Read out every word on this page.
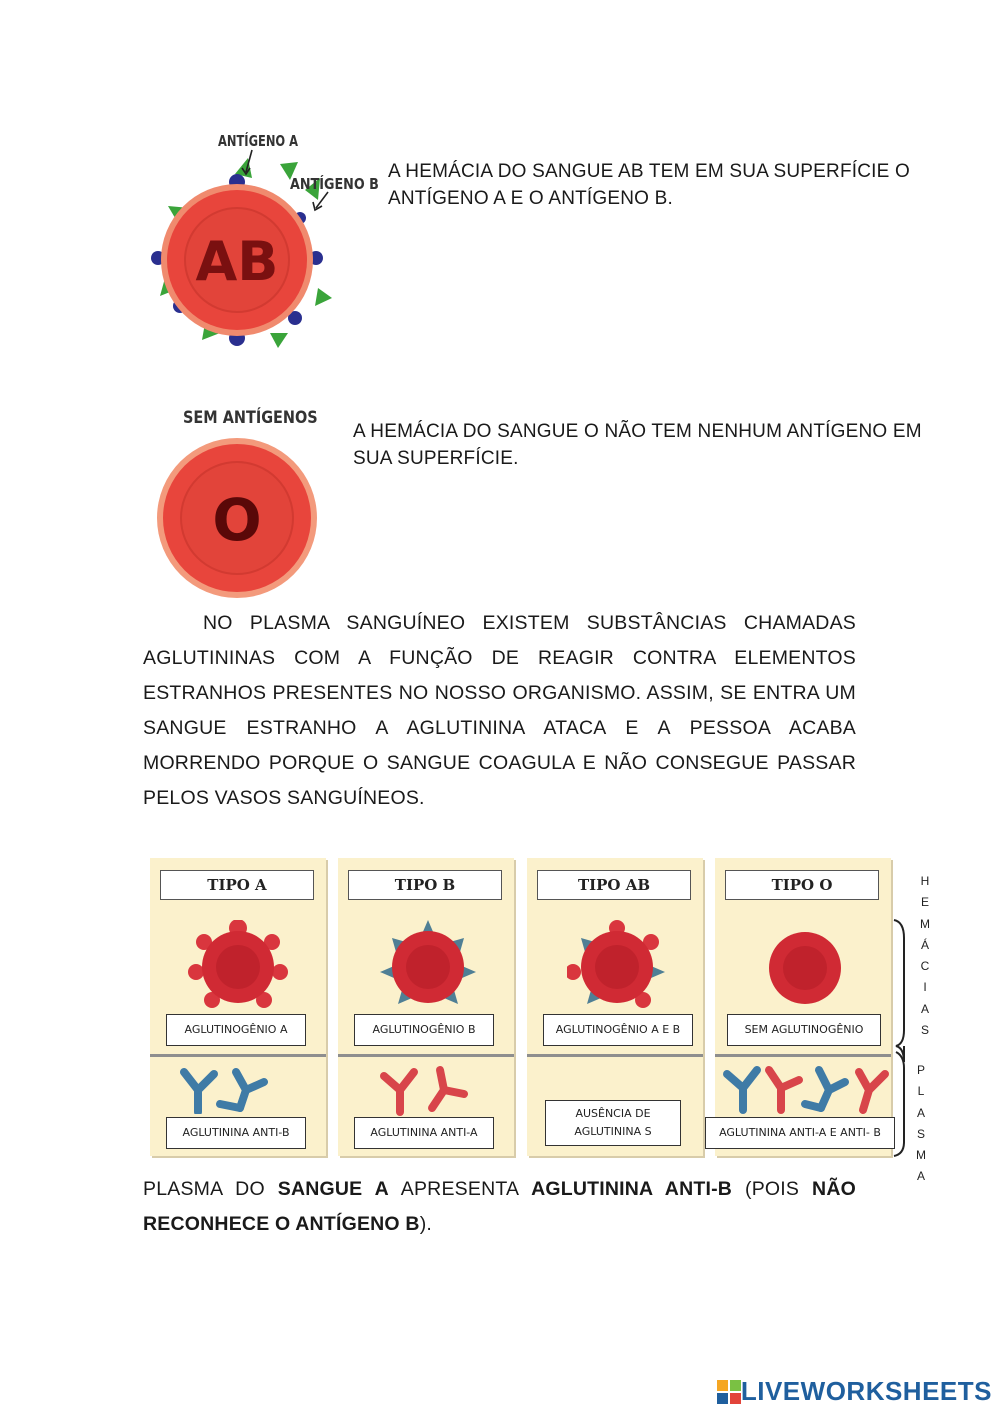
AB
ANTÍGENO A
ANTÍGENO B
A HEMÁCIA DO SANGUE AB TEM EM SUA SUPERFÍCIE O ANTÍGENO A E O ANTÍGENO B.
SEM ANTÍGENOS
O
A HEMÁCIA DO SANGUE O NÃO TEM NENHUM ANTÍGENO EM SUA SUPERFÍCIE.
NO PLASMA SANGUÍNEO EXISTEM SUBSTÂNCIAS CHAMADAS AGLUTININAS COM A FUNÇÃO DE REAGIR CONTRA ELEMENTOS ESTRANHOS PRESENTES NO NOSSO ORGANISMO. ASSIM, SE ENTRA UM SANGUE ESTRANHO A AGLUTININA ATACA E A PESSOA ACABA MORRENDO PORQUE O SANGUE COAGULA E NÃO CONSEGUE PASSAR PELOS VASOS SANGUÍNEOS.
TIPO A
AGLUTINOGÊNIO A
AGLUTININA ANTI-B
TIPO B
AGLUTINOGÊNIO B
AGLUTININA ANTI-A
TIPO AB
AGLUTINOGÊNIO A E B
AUSÊNCIA DE AGLUTININA S
TIPO O
SEM AGLUTINOGÊNIO
AGLUTININA ANTI-A E ANTI- B
H
E
M
Á
C
I
A
S
P
L
A
S
M
A
PLASMA DO SANGUE A APRESENTA AGLUTININA ANTI-B (POIS NÃO RECONHECE O ANTÍGENO B).
LIVEWORKSHEETS
